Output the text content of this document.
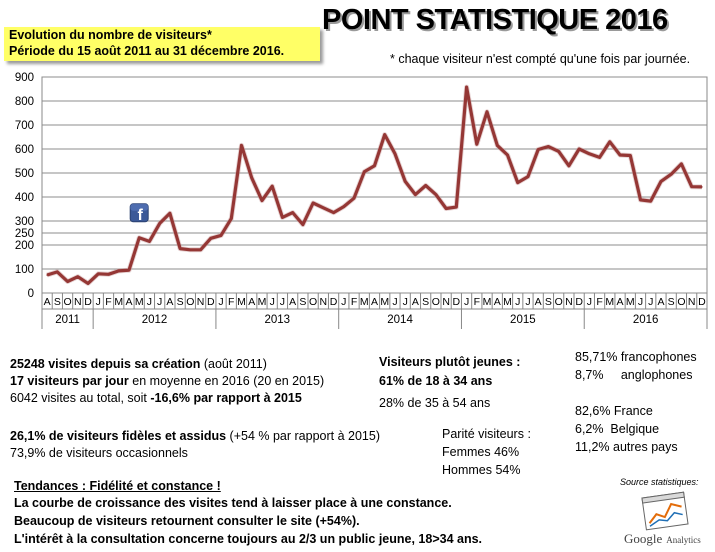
POINT STATISTIQUE 2016
Evolution du nombre de visiteurs*
Période du 15 août 2011 au 31 décembre 2016.
* chaque visiteur n'est compté qu'une fois par journée.
0
100
200
250
300
400
500
600
700
800
900
A S O N D J F M A M J J A S O N D J F M A M J J A S O N D J F M A M J J A S O N D J F M A M J J A S O N D J F M A M J J A S O N D
2011	2012	2013	2014	2015	2016
f
25248 visites depuis sa création (août 2011)
17 visiteurs par jour en moyenne en 2016 (20 en 2015)
6042 visites au total, soit -16,6% par rapport à 2015
26,1% de visiteurs fidèles et assidus (+54 % par rapport à 2015)
73,9% de visiteurs occasionnels
Visiteurs plutôt jeunes :
61% de 18 à 34 ans
28% de 35 à 54 ans
Parité visiteurs :
Femmes 46%
Hommes 54%
85,71% francophones
8,7%     anglophones
82,6% France
6,2%  Belgique
11,2% autres pays
Tendances : Fidélité et constance !
La courbe de croissance des visites tend à laisser place à une constance.
Beaucoup de visiteurs retournent consulter le site (+54%).
L'intérêt à la consultation concerne toujours au 2/3 un public jeune, 18>34 ans.
Source statistiques:
Google Analytics
